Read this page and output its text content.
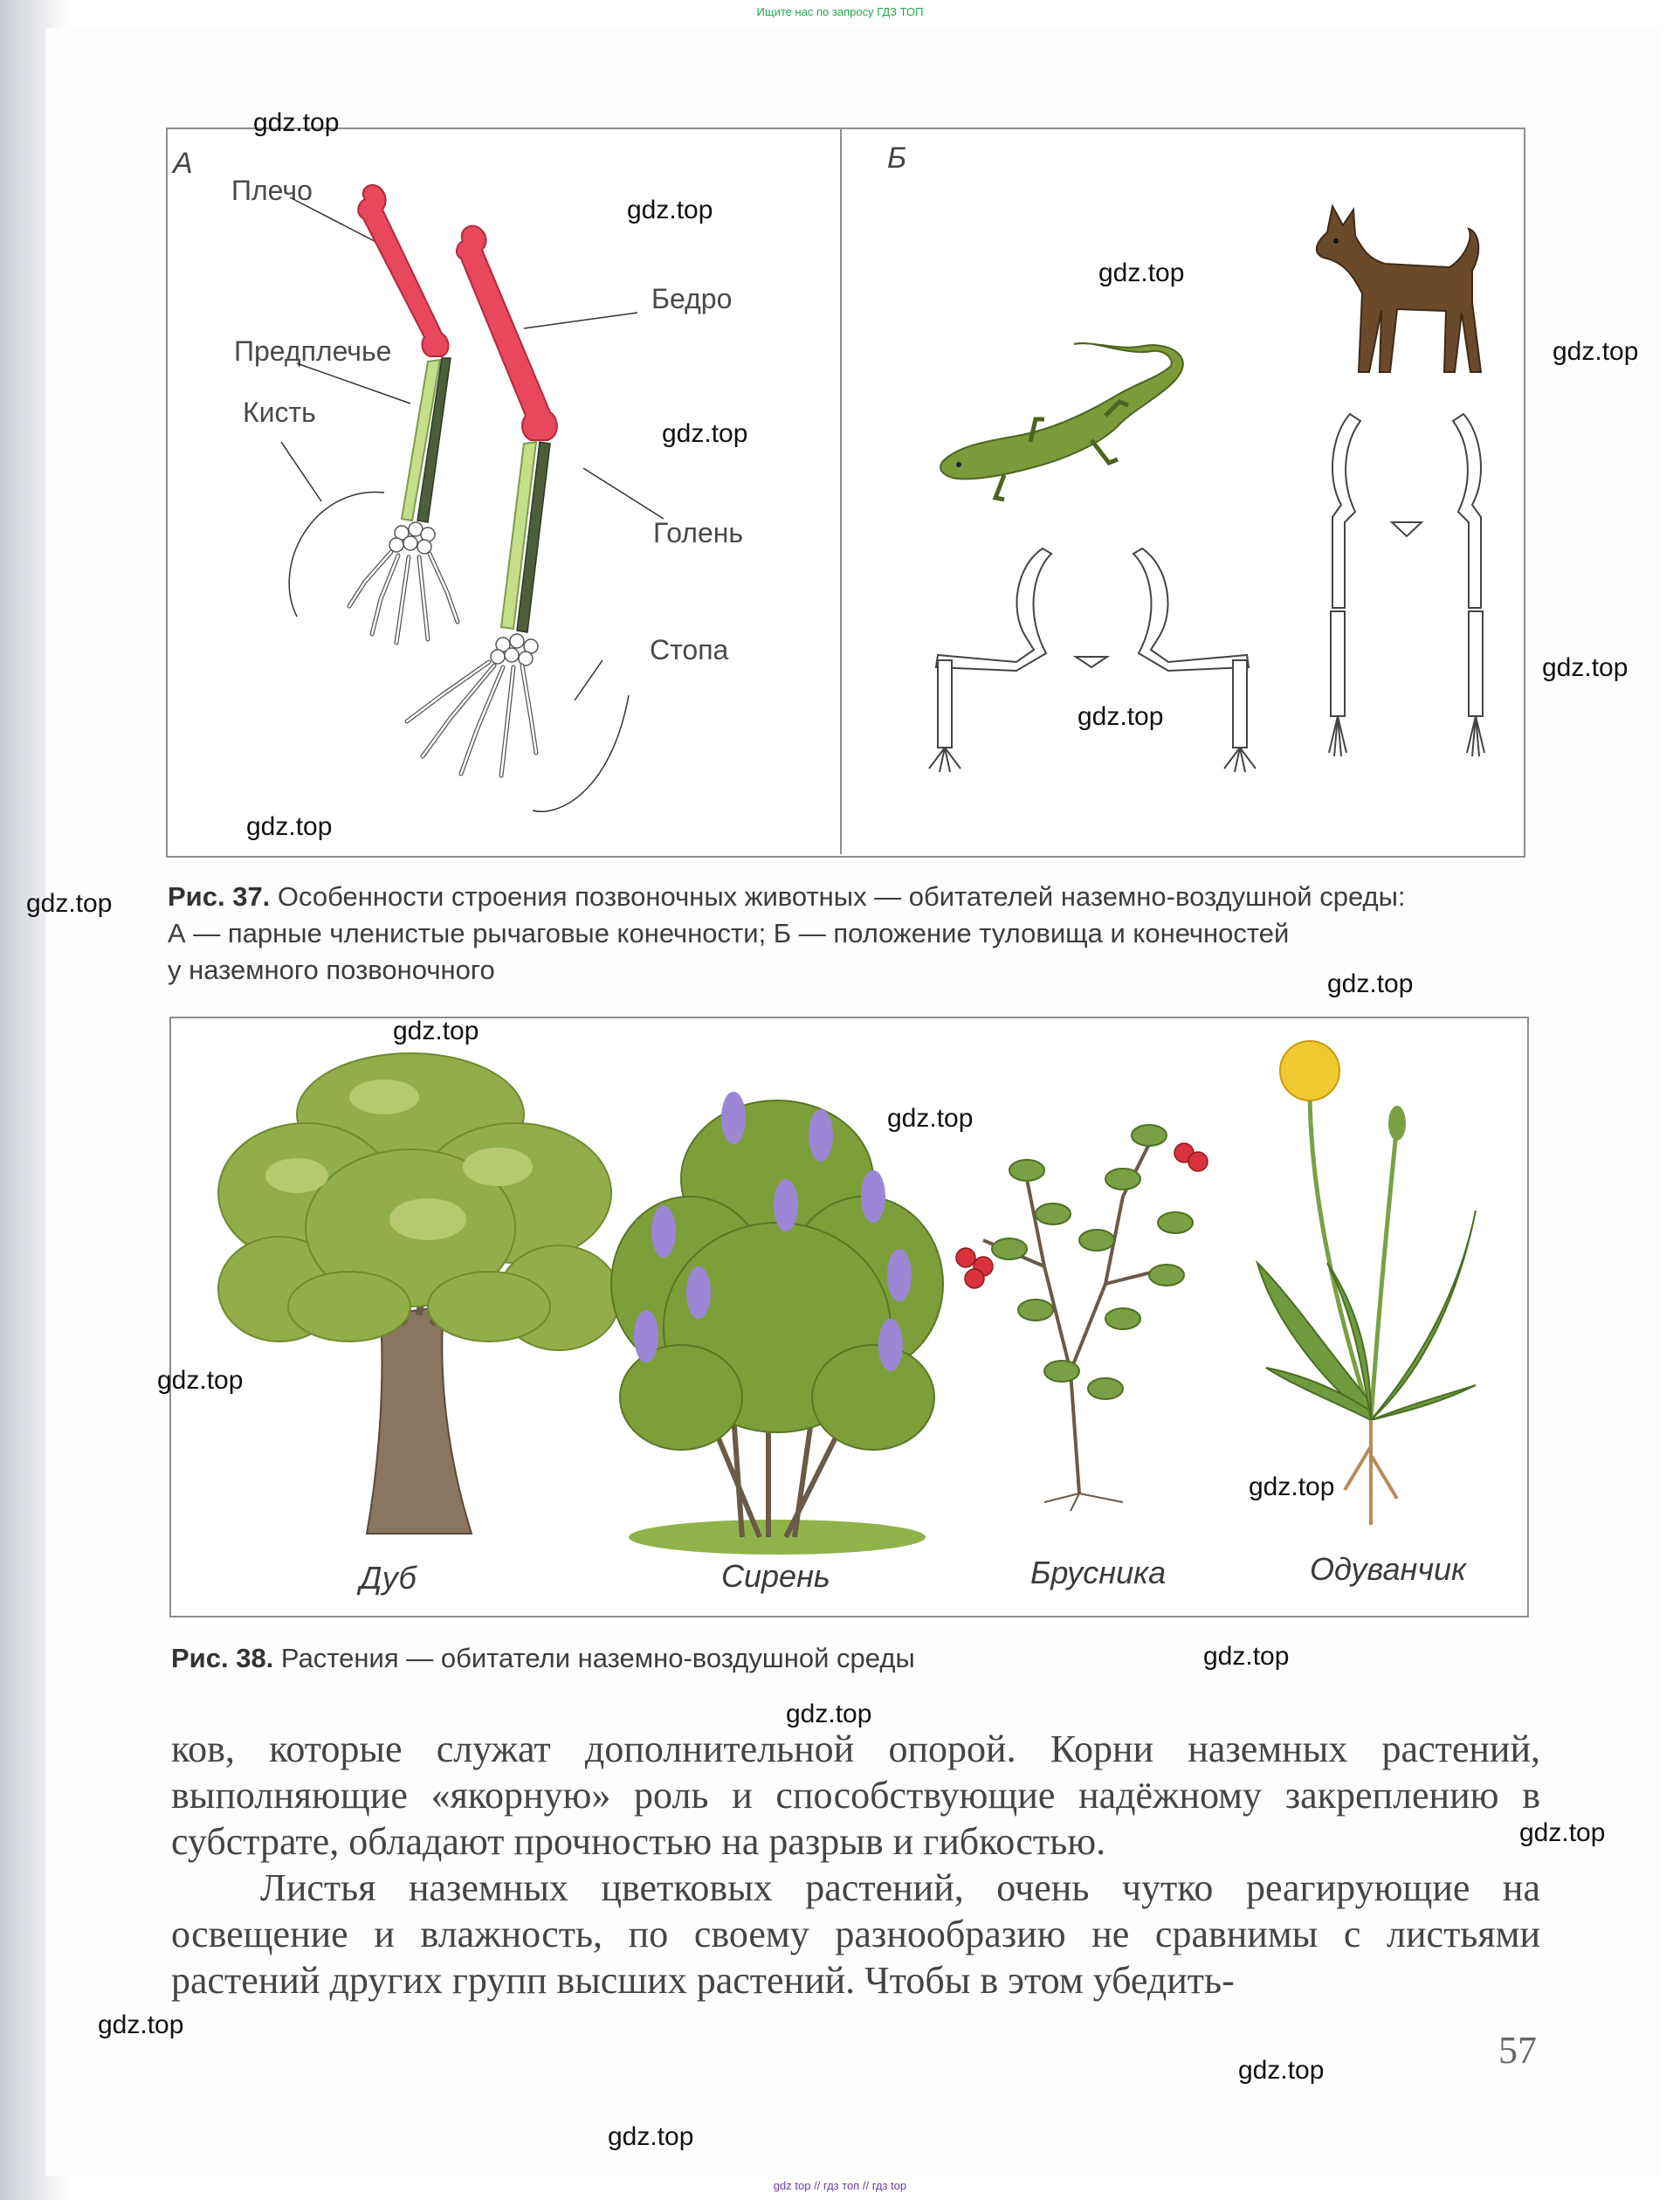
Ищите нас по запросу ГДЗ ТОП
А	Б
Плечо
Предплечье
Кисть
Бедро
Голень
Стопа
Рис. 37. Особенности строения позвоночных животных — обитателей наземно-воздушной среды:
А — парные членистые рычаговые конечности; Б — положение туловища и конечностей
у наземного позвоночного
Дуб	Сирень	Брусника	Одуванчик
Рис. 38. Растения — обитатели наземно-воздушной среды

ков, которые служат дополнительной опорой. Корни наземных растений, выполняющие «якорную» роль и способствующие надёжному закреплению в субстрате, обладают прочностью на разрыв и гибкостью.

Листья наземных цветковых растений, очень чутко реагирующие на освещение и влажность, по своему разнообразию не сравнимы с листьями растений других групп высших растений. Чтобы в этом убедить-

57
gdz.top
gdz.top
gdz.top
gdz.top
gdz.top
gdz.top
gdz.top
gdz.top
gdz.top
gdz.top
gdz.top
gdz.top
gdz.top
gdz.top
gdz.top
gdz.top
gdz.top
gdz.top
gdz.top
gdz.top
gdz top // гдз топ // гдз top
